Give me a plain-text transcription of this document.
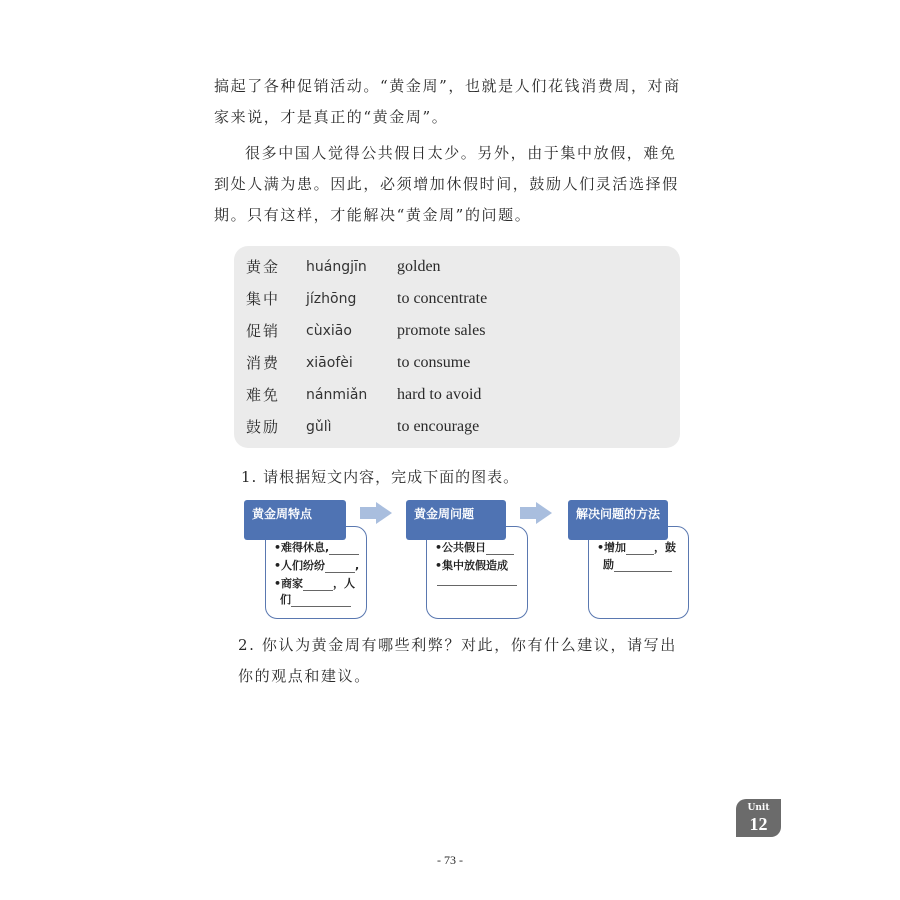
搞起了各种促销活动。“黄金周”，也就是人们花钱消费周，对商家来说，才是真正的“黄金周”。

很多中国人觉得公共假日太少。另外，由于集中放假，难免到处人满为患。因此，必须增加休假时间，鼓励人们灵活选择假期。只有这样，才能解决“黄金周”的问题。

黄金 huángjīn golden
集中 jízhōng	to concentrate
促销 cùxiāo	promote sales
消费 xiāofèi	to consume
难免 nánmiǎn hard to avoid
鼓励 gǔlì	to encourage

1. 请根据短文内容，完成下面的图表。

•难得休息,
•人们纷纷	,
•商家	，人
们
黄金周特点
•公共假日
•集中放假造成
黄金周问题
•增加	，鼓
励
解决问题的方法

2. 你认为黄金周有哪些利弊？对此，你有什么建议，请写出你的观点和建议。

Unit
12
- 73 -
